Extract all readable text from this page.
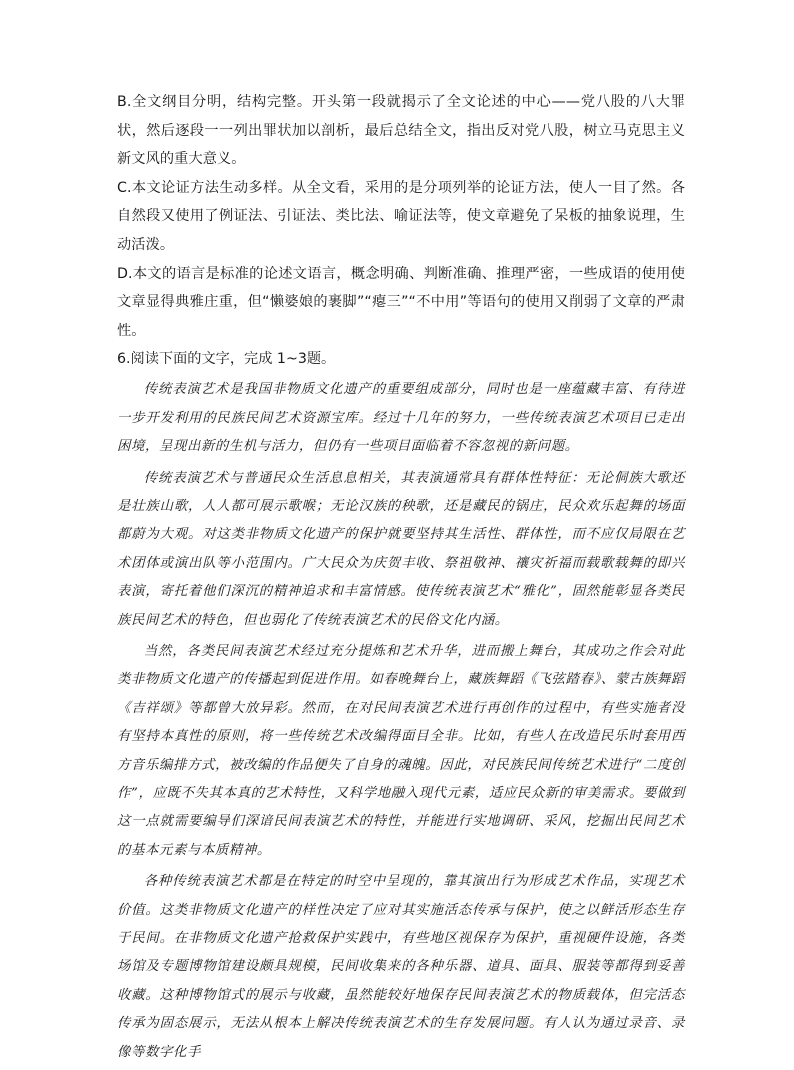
B.全文纲目分明，结构完整。开头第一段就揭示了全文论述的中心——党八股的八大罪状，然后逐段一一列出罪状加以剖析，最后总结全文，指出反对党八股，树立马克思主义新文风的重大意义。

C.本文论证方法生动多样。从全文看，采用的是分项列举的论证方法，使人一目了然。各自然段又使用了例证法、引证法、类比法、喻证法等，使文章避免了呆板的抽象说理，生动活泼。

D.本文的语言是标准的论述文语言，概念明确、判断准确、推理严密，一些成语的使用使文章显得典雅庄重，但“懒婆娘的裹脚”“瘪三”“不中用”等语句的使用又削弱了文章的严肃性。

6.阅读下面的文字，完成 1~3题。

传统表演艺术是我国非物质文化遗产的重要组成部分，同时也是一座蕴藏丰富、有待进一步开发利用的民族民间艺术资源宝库。经过十几年的努力，一些传统表演艺术项目已走出困境，呈现出新的生机与活力，但仍有一些项目面临着不容忽视的新问题。

传统表演艺术与普通民众生活息息相关，其表演通常具有群体性特征：无论侗族大歌还是壮族山歌，人人都可展示歌喉；无论汉族的秧歌，还是藏民的锅庄，民众欢乐起舞的场面都蔚为大观。对这类非物质文化遗产的保护就要坚持其生活性、群体性，而不应仅局限在艺术团体或演出队等小范围内。广大民众为庆贺丰收、祭祖敬神、禳灾祈福而载歌载舞的即兴表演，寄托着他们深沉的精神追求和丰富情感。使传统表演艺术“雅化”，固然能彰显各类民族民间艺术的特色，但也弱化了传统表演艺术的民俗文化内涵。

当然，各类民间表演艺术经过充分提炼和艺术升华，进而搬上舞台，其成功之作会对此类非物质文化遗产的传播起到促进作用。如春晚舞台上，藏族舞蹈《飞弦踏春》、蒙古族舞蹈《吉祥颂》等都曾大放异彩。然而，在对民间表演艺术进行再创作的过程中，有些实施者没有坚持本真性的原则，将一些传统艺术改编得面目全非。比如，有些人在改造民乐时套用西方音乐编排方式，被改编的作品便失了自身的魂魄。因此，对民族民间传统艺术进行“二度创作”，应既不失其本真的艺术特性，又科学地融入现代元素，适应民众新的审美需求。要做到这一点就需要编导们深谙民间表演艺术的特性，并能进行实地调研、采风，挖掘出民间艺术的基本元素与本质精神。

各种传统表演艺术都是在特定的时空中呈现的，靠其演出行为形成艺术作品，实现艺术价值。这类非物质文化遗产的样性决定了应对其实施活态传承与保护，使之以鲜活形态生存于民间。在非物质文化遗产抢救保护实践中，有些地区视保存为保护，重视硬件设施，各类场馆及专题博物馆建设颇具规模，民间收集来的各种乐器、道具、面具、服装等都得到妥善收藏。这种博物馆式的展示与收藏，虽然能较好地保存民间表演艺术的物质载体，但完活态传承为固态展示，无法从根本上解决传统表演艺术的生存发展问题。有人认为通过录音、录像等数字化手
